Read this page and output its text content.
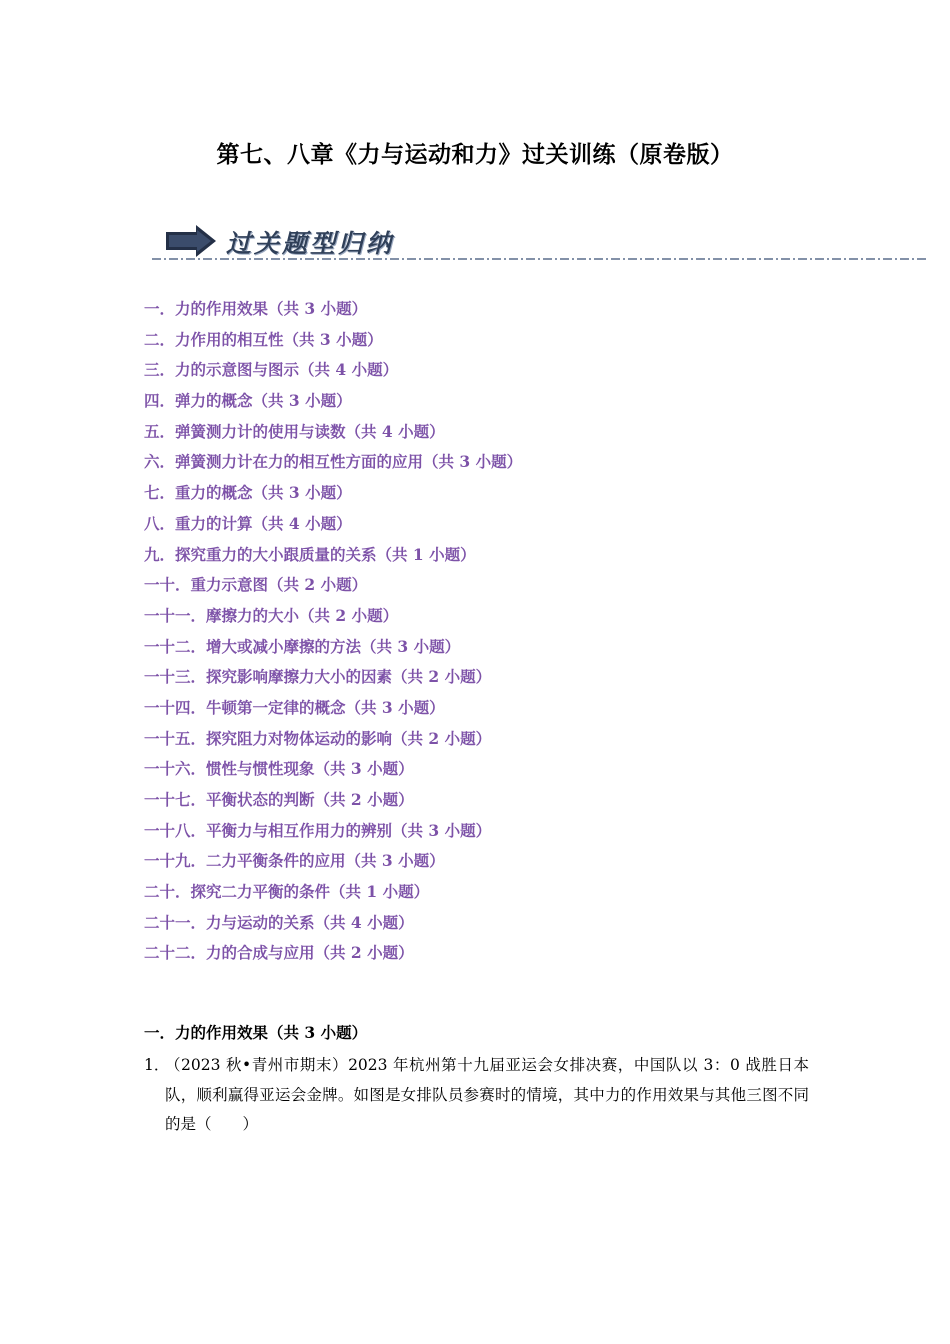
第七、八章《力与运动和力》过关训练（原卷版）
过关题型归纳
一．力的作用效果（共 3 小题）
二．力作用的相互性（共 3 小题）
三．力的示意图与图示（共 4 小题）
四．弹力的概念（共 3 小题）
五．弹簧测力计的使用与读数（共 4 小题）
六．弹簧测力计在力的相互性方面的应用（共 3 小题）
七．重力的概念（共 3 小题）
八．重力的计算（共 4 小题）
九．探究重力的大小跟质量的关系（共 1 小题）
一十．重力示意图（共 2 小题）
一十一．摩擦力的大小（共 2 小题）
一十二．增大或减小摩擦的方法（共 3 小题）
一十三．探究影响摩擦力大小的因素（共 2 小题）
一十四．牛顿第一定律的概念（共 3 小题）
一十五．探究阻力对物体运动的影响（共 2 小题）
一十六．惯性与惯性现象（共 3 小题）
一十七．平衡状态的判断（共 2 小题）
一十八．平衡力与相互作用力的辨别（共 3 小题）
一十九．二力平衡条件的应用（共 3 小题）
二十．探究二力平衡的条件（共 1 小题）
二十一．力与运动的关系（共 4 小题）
二十二．力的合成与应用（共 2 小题）
一．力的作用效果（共 3 小题）
1．
（2023 秋•青州市期末）2023 年杭州第十九届亚运会女排决赛，中国队以 3：0 战胜日本队，顺利赢得亚运会金牌。如图是女排队员参赛时的情境，其中力的作用效果与其他三图不同的是（　　）
